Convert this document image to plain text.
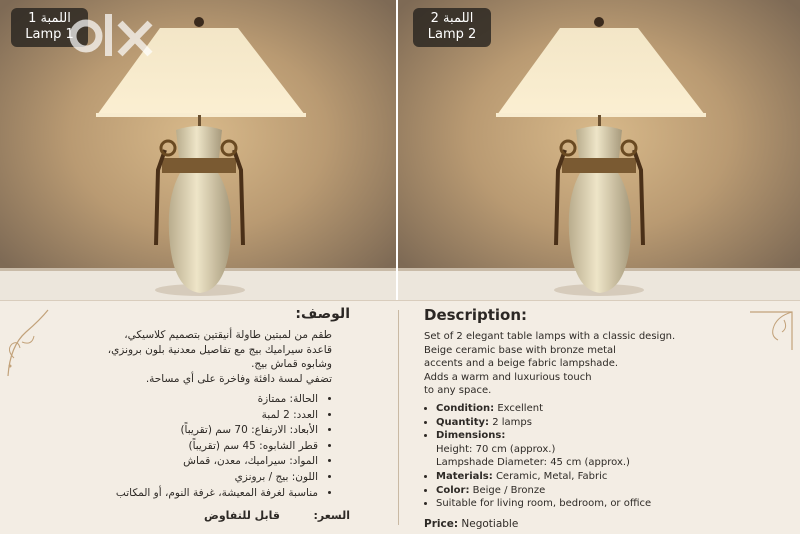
اللمبة 1
Lamp 1
اللمبة 2
Lamp 2
الوصف:
طقم من لمبتين طاولة أنيقتين بتصميم كلاسيكي،
قاعدة سيراميك بيج مع تفاصيل معدنية بلون برونزي،
وشابوه قماش بيج.
تضفي لمسة دافئة وفاخرة على أي مساحة.
• الحالة: ممتازة
• العدد: 2 لمبة
• الأبعاد: الارتفاع: 70 سم (تقريباً)
• قطر الشابوه: 45 سم (تقريباً)
• المواد: سيراميك، معدن، قماش
• اللون: بيج / برونزي
• مناسبة لغرفة المعيشة، غرفة النوم، أو المكاتب
السعر: قابل للتفاوض
Description:
Set of 2 elegant table lamps with a classic design.
Beige ceramic base with bronze metal
accents and a beige fabric lampshade.
Adds a warm and luxurious touch
to any space.
• Condition: Excellent
• Quantity: 2 lamps
• Dimensions:
Height: 70 cm (approx.)
Lampshade Diameter: 45 cm (approx.)
• Materials: Ceramic, Metal, Fabric
• Color: Beige / Bronze
• Suitable for living room, bedroom, or office
Price: Negotiable
